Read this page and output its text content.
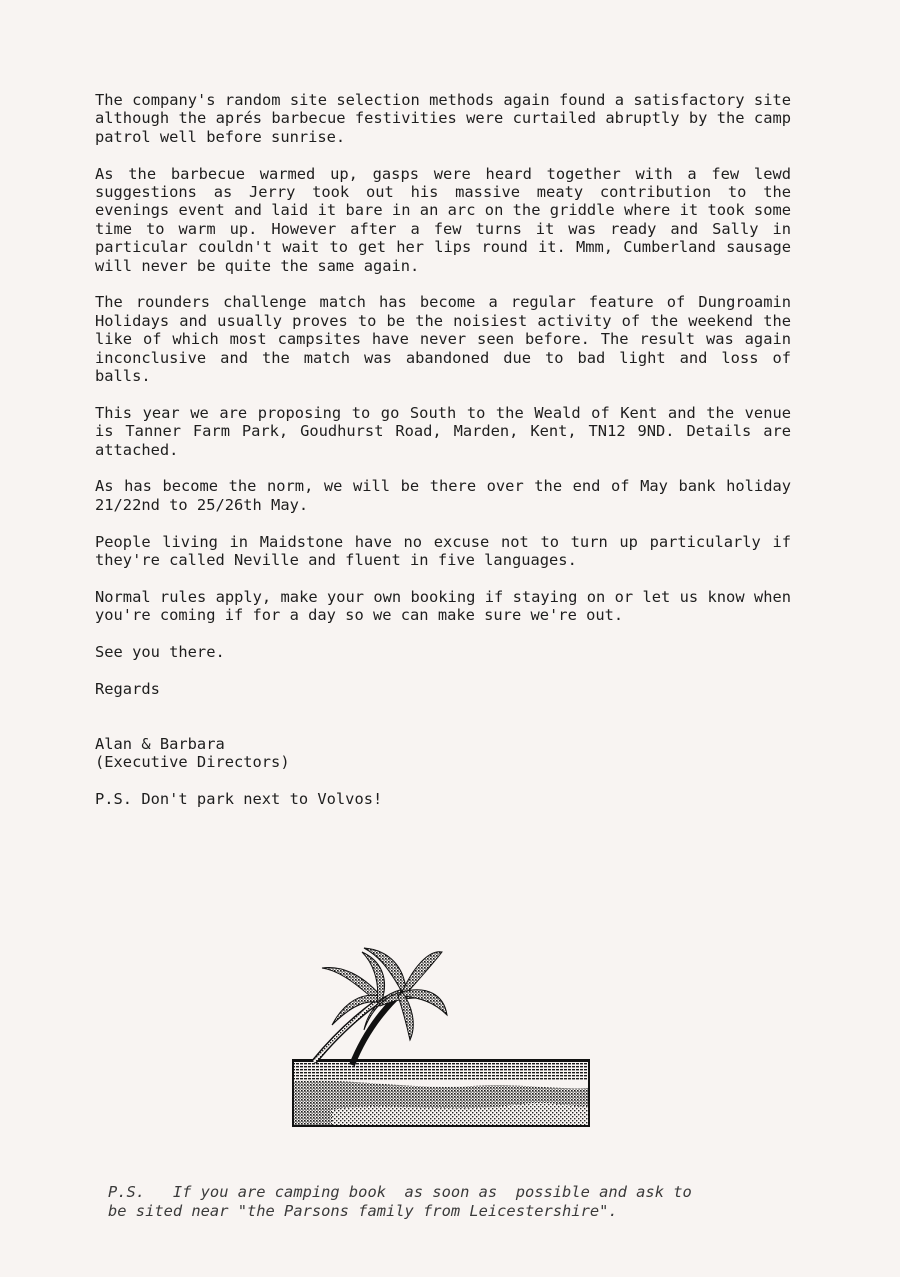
The company's random site selection methods again found a satisfactory site although the aprés barbecue festivities were curtailed abruptly by the camp patrol well before sunrise.

As the barbecue warmed up, gasps were heard together with a few lewd suggestions as Jerry took out his massive meaty contribution to the evenings event and laid it bare in an arc on the griddle where it took some time to warm up. However after a few turns it was ready and Sally in particular couldn't wait to get her lips round it. Mmm, Cumberland sausage will never be quite the same again.

The rounders challenge match has become a regular feature of Dungroamin Holidays and usually proves to be the noisiest activity of the weekend the like of which most campsites have never seen before. The result was again inconclusive and the match was abandoned due to bad light and loss of balls.

This year we are proposing to go South to the Weald of Kent and the venue is Tanner Farm Park, Goudhurst Road, Marden, Kent, TN12 9ND. Details are attached.

As has become the norm, we will be there over the end of May bank holiday 21/22nd to 25/26th May.

People living in Maidstone have no excuse not to turn up particularly if they're called Neville and fluent in five languages.

Normal rules apply, make your own booking if staying on or let us know when you're coming if for a day so we can make sure we're out.

See you there.

Regards

Alan & Barbara

(Executive Directors)

P.S. Don't park next to Volvos!

P.S.   If you are camping book  as soon as  possible and ask to

be sited near "the Parsons family from Leicestershire".
